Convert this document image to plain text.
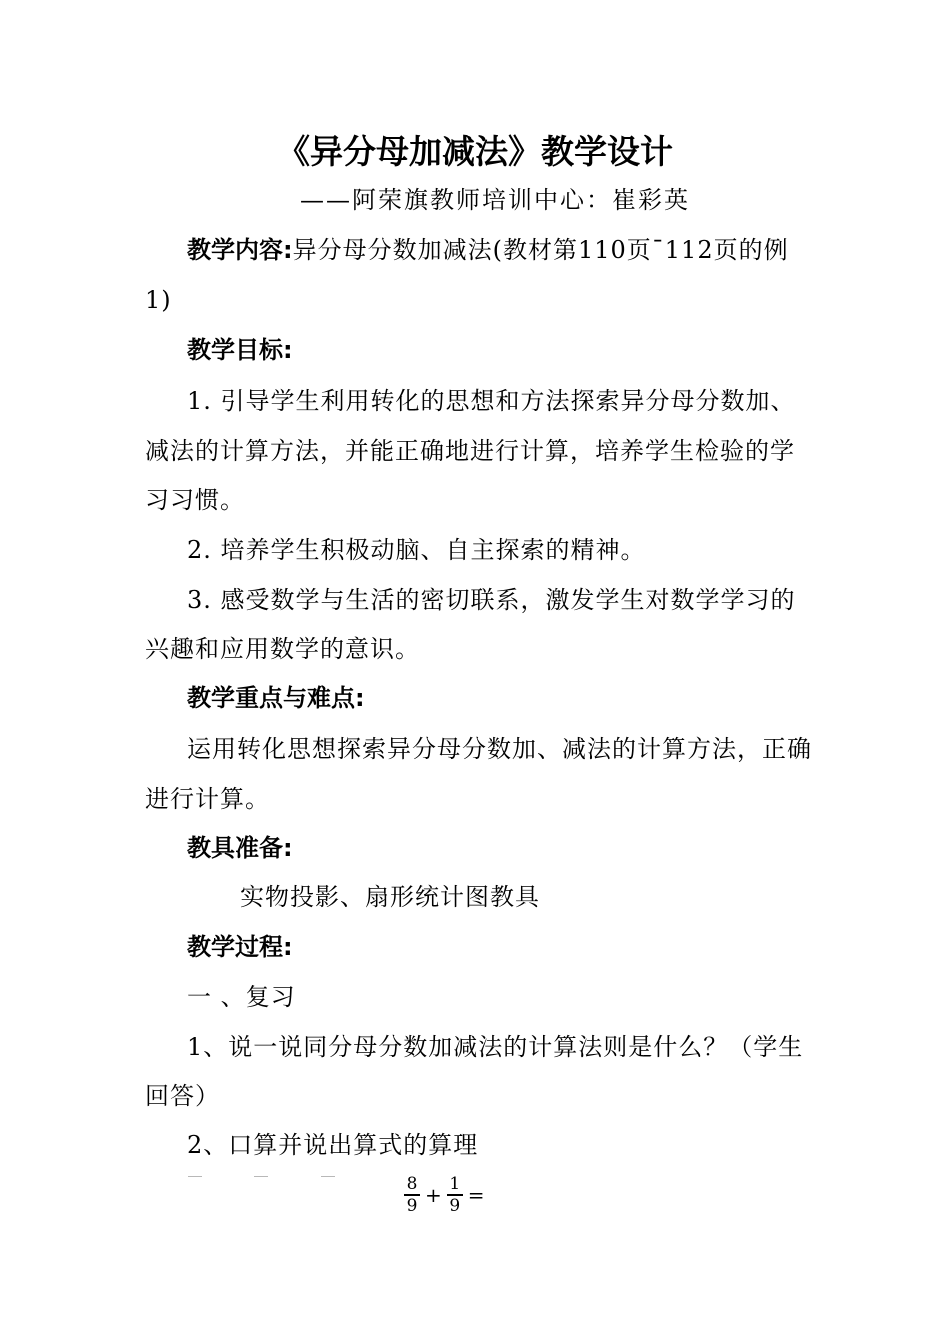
《异分母加减法》教学设计
——阿荣旗教师培训中心：崔彩英
教学内容:异分母分数加减法(教材第110页¯112页的例
1)
教学目标:
1. 引导学生利用转化的思想和方法探索异分母分数加、
减法的计算方法，并能正确地进行计算，培养学生检验的学
习习惯。
2. 培养学生积极动脑、自主探索的精神。
3. 感受数学与生活的密切联系，激发学生对数学学习的
兴趣和应用数学的意识。
教学重点与难点:
运用转化思想探索异分母分数加、减法的计算方法，正确
进行计算。
教具准备:
实物投影、扇形统计图教具
教学过程:
一 、复习
1、说一说同分母分数加减法的计算法则是什么？（学生
回答）
2、口算并说出算式的算理
$\frac{8}{9} + \frac{1}{9}$ =
